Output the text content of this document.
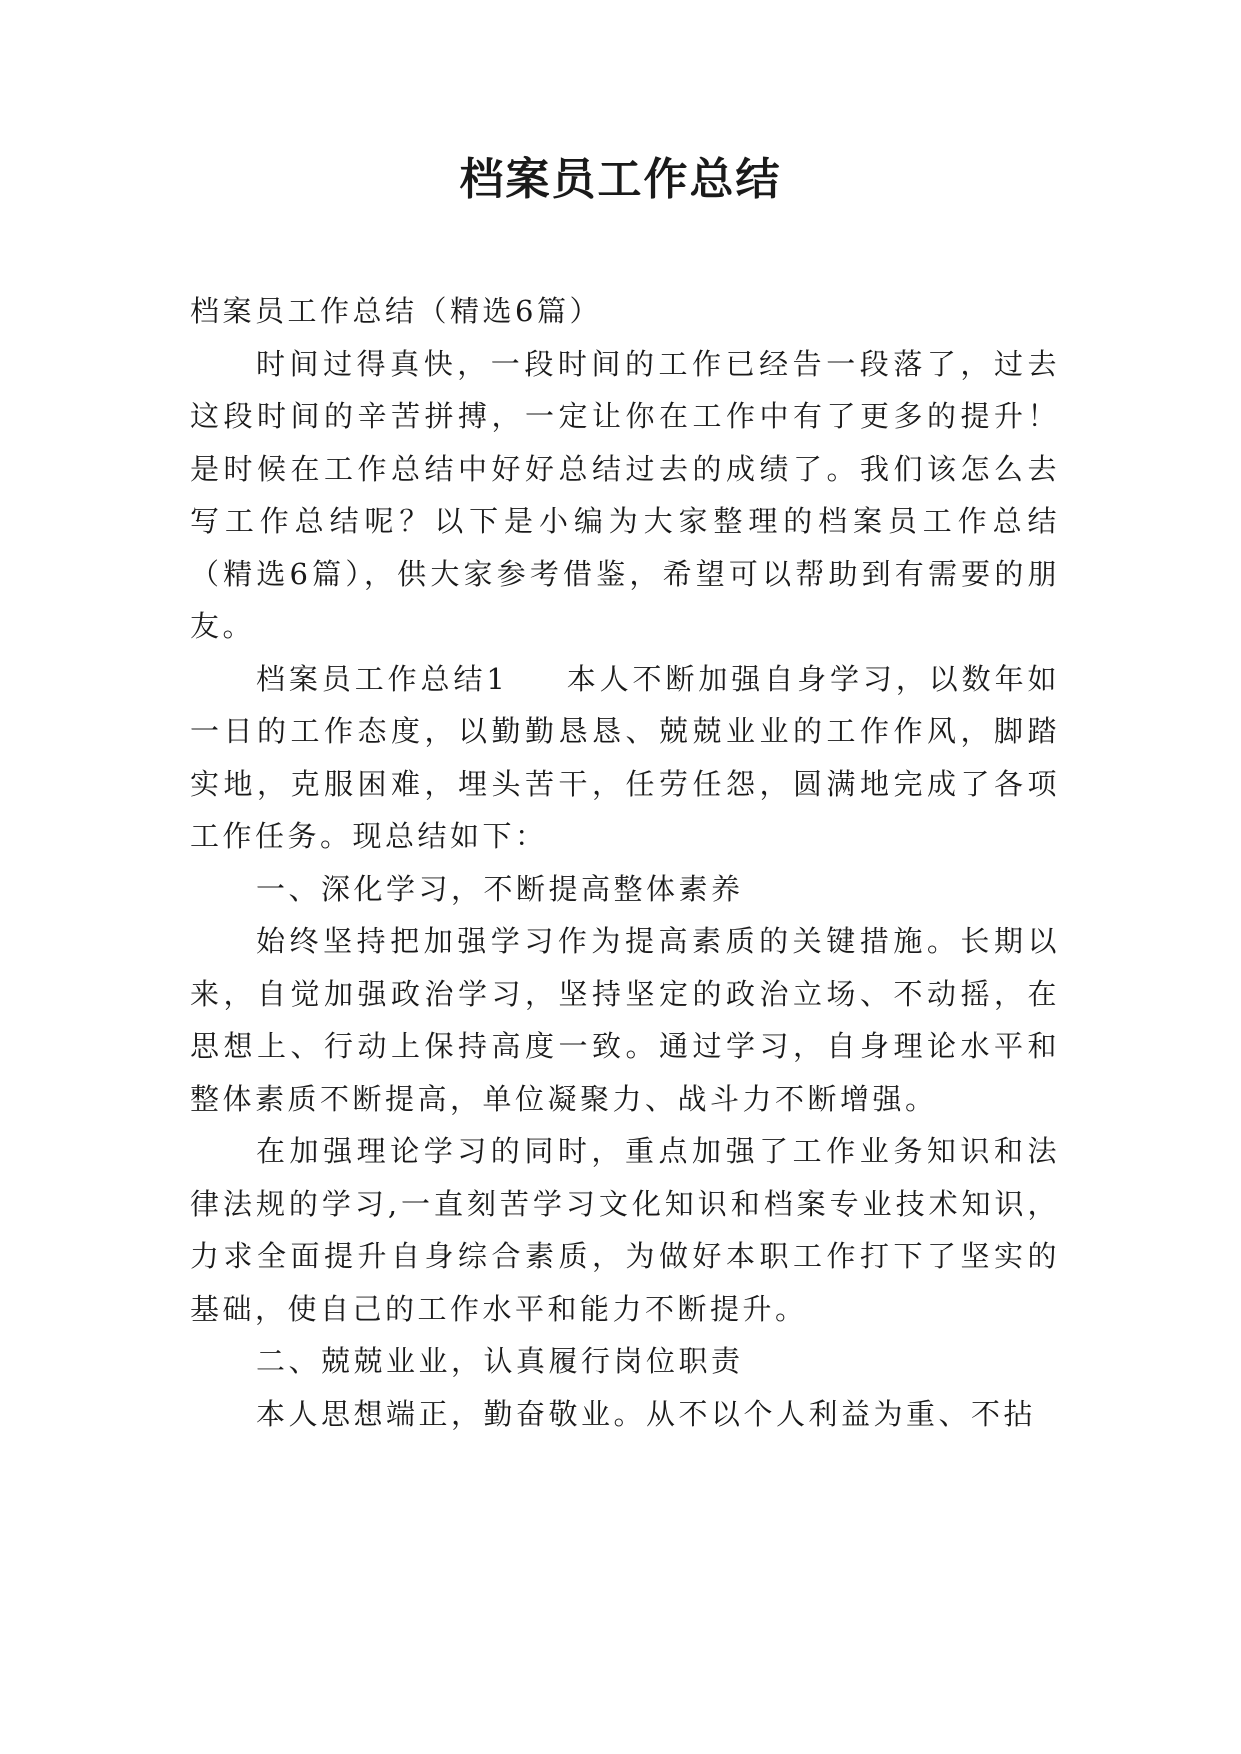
档案员工作总结

档案员工作总结（精选6篇）

时间过得真快，一段时间的工作已经告一段落了，过去这段时间的辛苦拼搏，一定让你在工作中有了更多的提升！是时候在工作总结中好好总结过去的成绩了。我们该怎么去写工作总结呢？以下是小编为大家整理的档案员工作总结（精选6篇），供大家参考借鉴，希望可以帮助到有需要的朋友。

档案员工作总结1 本人不断加强自身学习，以数年如一日的工作态度，以勤勤恳恳、兢兢业业的工作作风，脚踏实地，克服困难，埋头苦干，任劳任怨，圆满地完成了各项工作任务。现总结如下：

一、深化学习，不断提高整体素养

始终坚持把加强学习作为提高素质的关键措施。长期以来，自觉加强政治学习，坚持坚定的政治立场、不动摇，在思想上、行动上保持高度一致。通过学习，自身理论水平和整体素质不断提高，单位凝聚力、战斗力不断增强。

在加强理论学习的同时，重点加强了工作业务知识和法律法规的学习,一直刻苦学习文化知识和档案专业技术知识，力求全面提升自身综合素质，为做好本职工作打下了坚实的基础，使自己的工作水平和能力不断提升。

二、兢兢业业，认真履行岗位职责

本人思想端正，勤奋敬业。从不以个人利益为重、不拈
